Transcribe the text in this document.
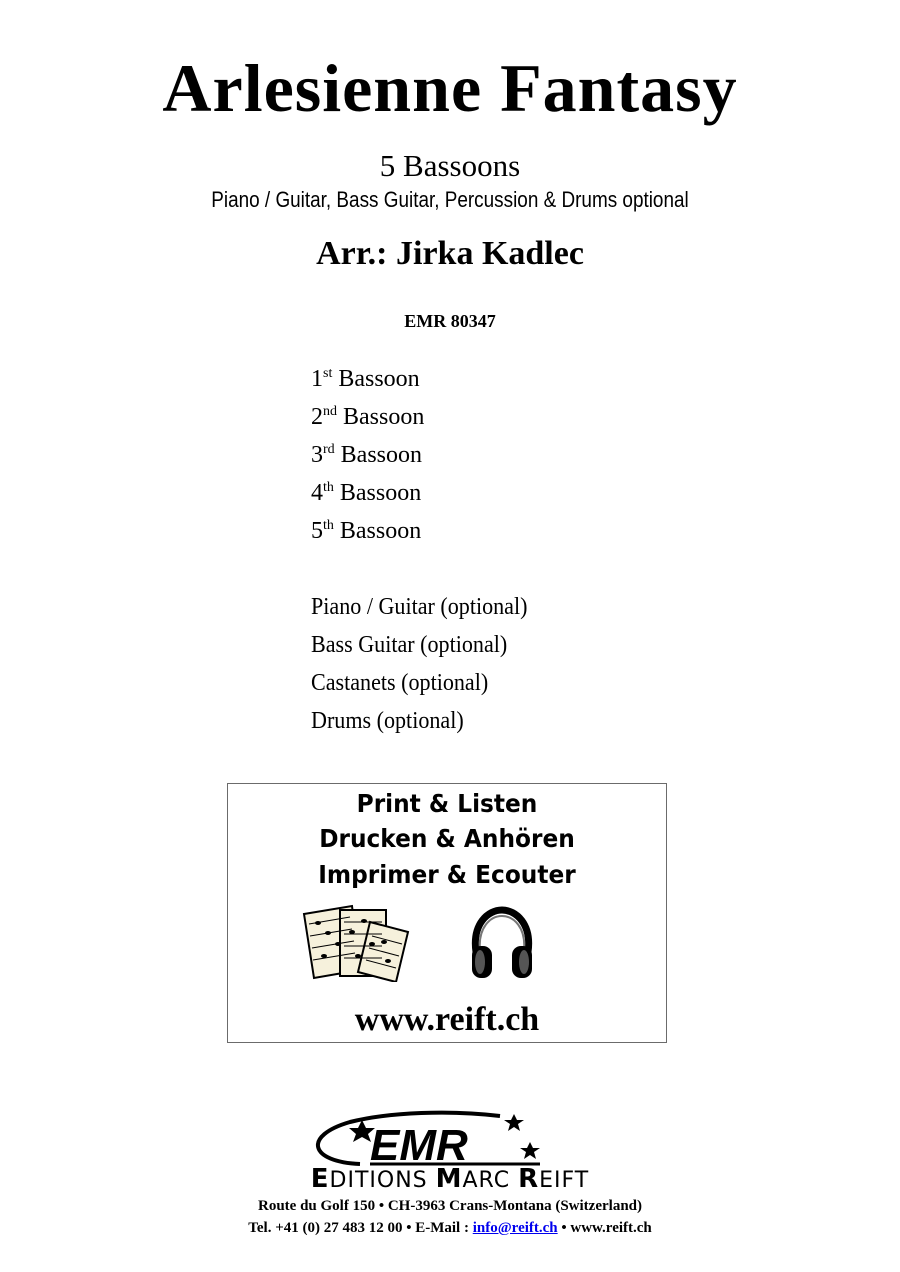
Arlesienne Fantasy
5 Bassoons
Piano / Guitar, Bass Guitar, Percussion & Drums optional
Arr.: Jirka Kadlec
EMR 80347
1st Bassoon
2nd Bassoon
3rd Bassoon
4th Bassoon
5th Bassoon
Piano / Guitar (optional)
Bass Guitar (optional)
Castanets (optional)
Drums (optional)
Print & Listen
Drucken & Anhören
Imprimer & Ecouter
www.reift.ch
EMR
EDITIONS MARC REIFT
Route du Golf 150 • CH-3963 Crans-Montana (Switzerland)
Tel. +41 (0) 27 483 12 00 • E-Mail : info@reift.ch • www.reift.ch
